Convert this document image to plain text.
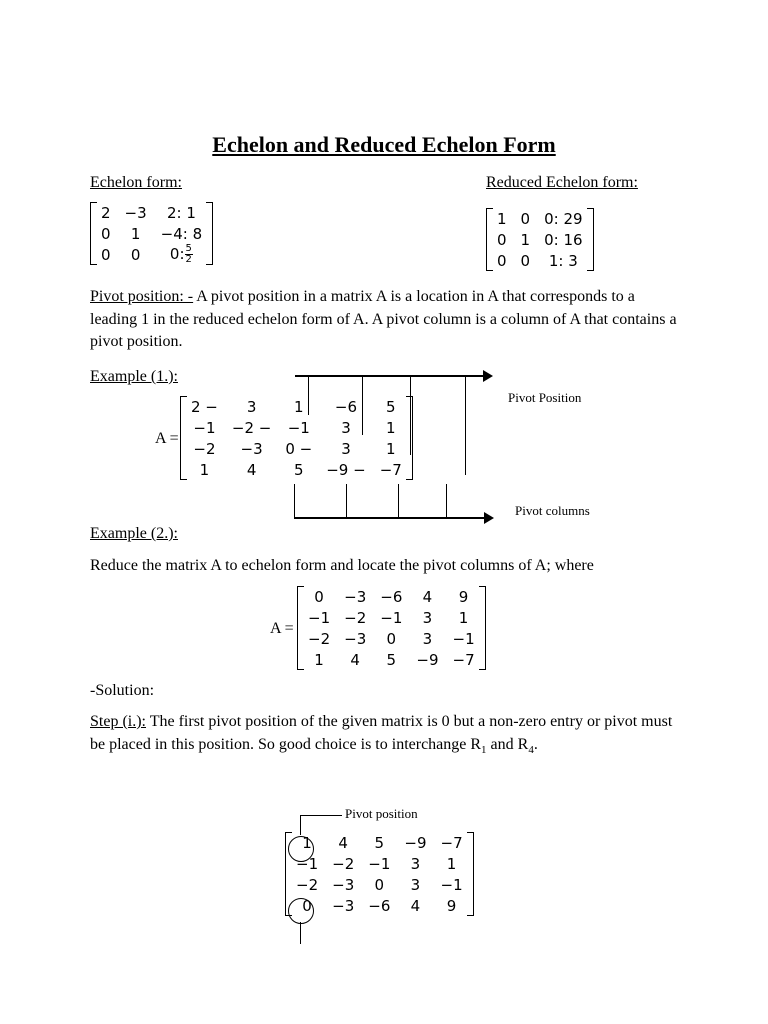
Echelon and Reduced Echelon Form
Echelon form:
2	−3	2: 1
0	1	−4: 8
0	0	0: $\frac{5}{2}$
Reduced Echelon form:
1	0	0: 29
0	1	0: 16
0	0	1: 3
Pivot position: - A pivot position in a matrix A is a location in A that corresponds to a leading 1 in the reduced echelon form of A. A pivot column is a column of A that contains a pivot position.
Example (1.):
A =
2 −	3	1	−6	5
−1	−2 −	−1	3	1
−2	−3	0 −	3	1
1	4	5	−9 −	−7
Pivot Position
Pivot columns
Example (2.):
Reduce the matrix A to echelon form and locate the pivot columns of A; where
A =
0	−3	−6	4	9
−1	−2	−1	3	1
−2	−3	0	3	−1
1	4	5	−9	−7
-Solution:
Step (i.): The first pivot position of the given matrix is 0 but a non-zero entry or pivot must be placed in this position. So good choice is to interchange $R_1$ and $R_4$.
Pivot position
1	4	5	−9	−7
−1	−2	−1	3	1
−2	−3	0	3	−1
0	−3	−6	4	9
